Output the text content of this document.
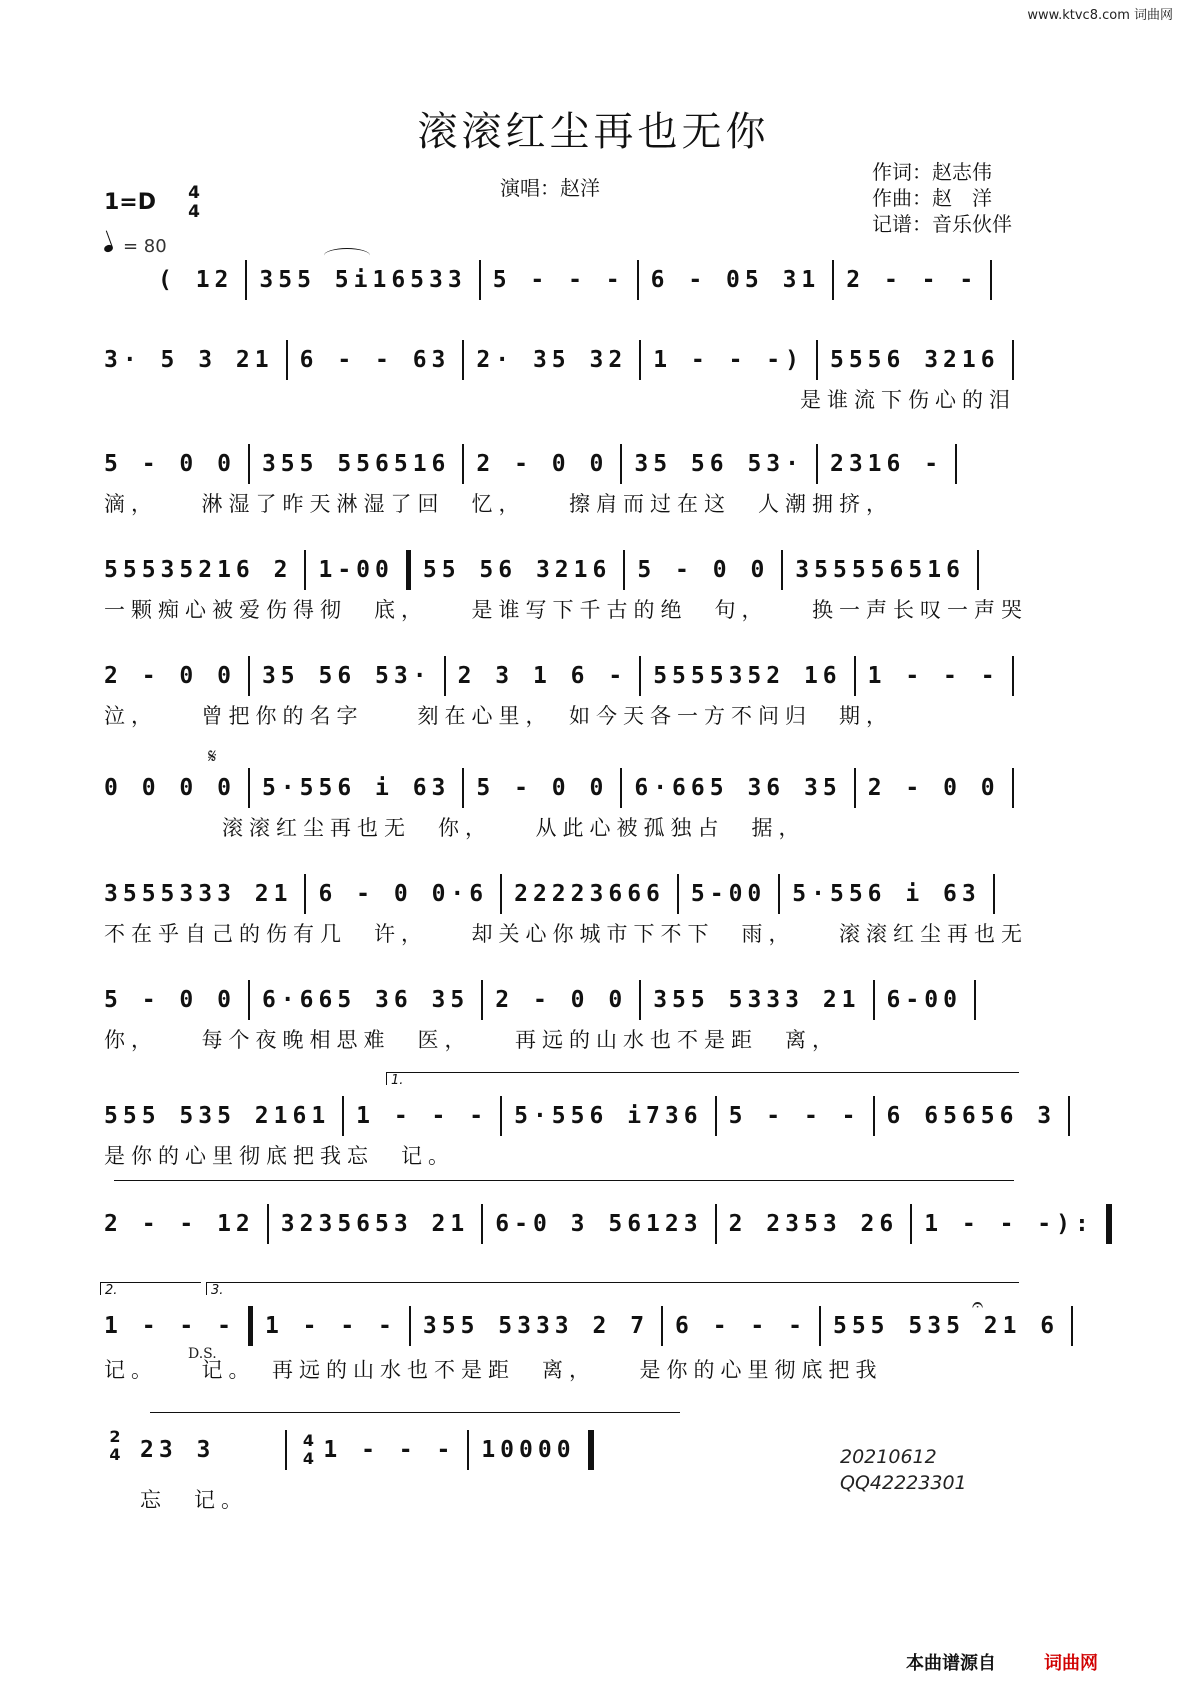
www.ktvc8.com 词曲网
滚滚红尘再也无你
演唱：赵洋
作词：赵志伟
作曲：赵　洋
记谱：音乐伙伴
1=D 4
4
= 80
( 12 355 5i16533 5 - - - 6 - 05 31 2 - - -
3· 5 3 21 6 - - 63 2· 35 32 1 - - -) 5556 3216
是谁流下伤心的泪
5 - 0 0 355 556516 2 - 0 0 35 56 53· 2316 -
滴，　　淋湿了昨天淋湿了回　忆，　　擦肩而过在这　人潮拥挤，
55535216 2 1-00 55 56 3216 5 - 0 0 355556516
一颗痴心被爱伤得彻　底，　　是谁写下千古的绝　句，　　换一声长叹一声哭
2 - 0 0 35 56 53· 2 3 1 6 - 5555352 16 1 - - -
泣，　　曾把你的名字　　刻在心里，　如今天各一方不问归　期，
𝄋
0 0 0 0 5·556 i 63 5 - 0 0 6·665 36 35 2 - 0 0
滚滚红尘再也无　你，　　从此心被孤独占　据，
3555333 21 6 - 0 0·6 22223666 5-00 5·556 i 63
不在乎自己的伤有几　许，　　却关心你城市下不下　雨，　　滚滚红尘再也无
5 - 0 0 6·665 36 35 2 - 0 0 355 5333 21 6-00
你，　　每个夜晚相思难　医，　　再远的山水也不是距　离，
1.
555 535 2161 1 - - - 5·556 i736 5 - - - 6 65656 3
是你的心里彻底把我忘　记。
2 - - 12 3235653 21 6-0 3 56123 2 2353 26 1 - - -):
2.	3.
𝄐
1 - - - 1 - - - 355 5333 2 7 6 - - - 555 535 21 6
D.S.
记。　　记。　再远的山水也不是距　离，　　是你的心里彻底把我
2
4 23 3	4
4 1 - - - 10000
忘　记。
20210612
QQ42223301
本曲谱源自	词曲网
